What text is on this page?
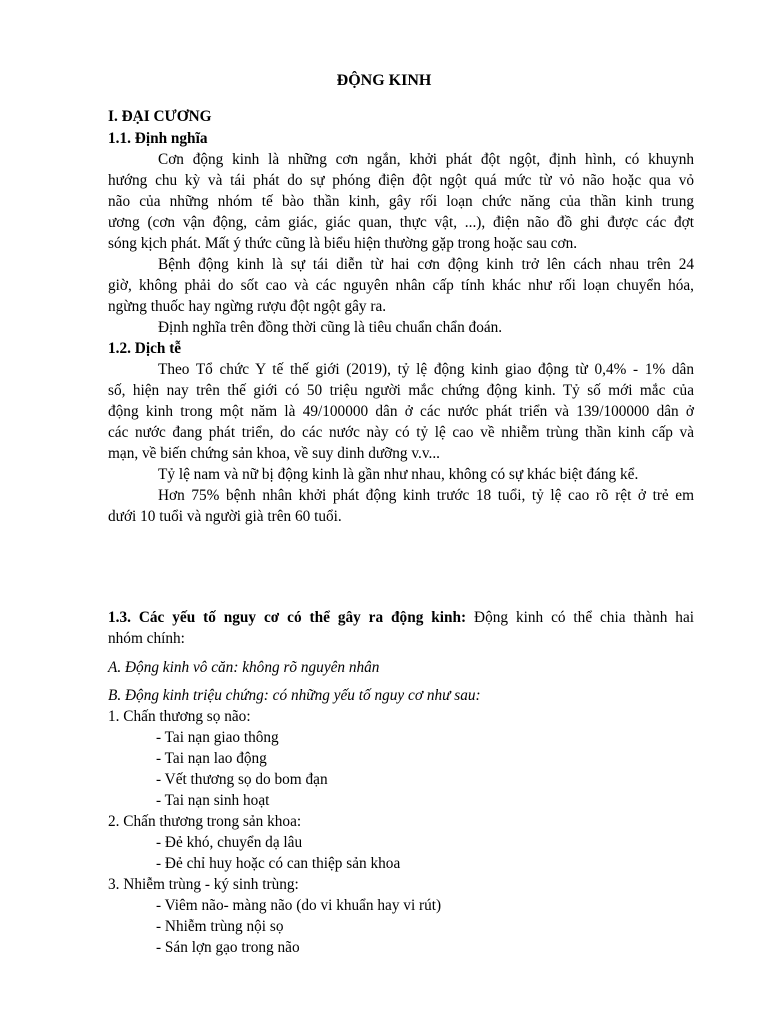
ĐỘNG KINH
I. ĐẠI CƯƠNG
1.1. Định nghĩa
Cơn động kinh là những cơn ngắn, khởi phát đột ngột, định hình, có khuynh
hướng chu kỳ và tái phát do sự phóng điện đột ngột quá mức từ vỏ não hoặc qua vỏ
não của những nhóm tế bào thần kinh, gây rối loạn chức năng của thần kinh trung
ương (cơn vận động, cảm giác, giác quan, thực vật, ...), điện não đồ ghi được các đợt
sóng kịch phát. Mất ý thức cũng là biểu hiện thường gặp trong hoặc sau cơn.
Bệnh động kinh là sự tái diễn từ hai cơn động kinh trở lên cách nhau trên 24
giờ, không phải do sốt cao và các nguyên nhân cấp tính khác như rối loạn chuyển hóa,
ngừng thuốc hay ngừng rượu đột ngột gây ra.
Định nghĩa trên đồng thời cũng là tiêu chuẩn chẩn đoán.
1.2. Dịch tễ
Theo Tổ chức Y tế thế giới (2019), tỷ lệ động kinh giao động từ 0,4% - 1% dân
số, hiện nay trên thế giới có 50 triệu người mắc chứng động kinh. Tỷ số mới mắc của
động kinh trong một năm là 49/100000 dân ở các nước phát triển và 139/100000 dân ở
các nước đang phát triển, do các nước này có tỷ lệ cao về nhiễm trùng thần kinh cấp và
mạn, về biến chứng sản khoa, về suy dinh dưỡng v.v...
Tỷ lệ nam và nữ bị động kinh là gần như nhau, không có sự khác biệt đáng kể.
Hơn 75% bệnh nhân khởi phát động kinh trước 18 tuổi, tỷ lệ cao rõ rệt ở trẻ em
dưới 10 tuổi và người già trên 60 tuổi.
1.3. Các yếu tố nguy cơ có thể gây ra động kinh: Động kinh có thể chia thành hai
nhóm chính:
A. Động kinh vô căn: không rõ nguyên nhân
B. Động kinh triệu chứng: có những yếu tố nguy cơ như sau:
1. Chấn thương sọ não:
- Tai nạn giao thông
- Tai nạn lao động
- Vết thương sọ do bom đạn
- Tai nạn sinh hoạt
2. Chấn thương trong sản khoa:
- Đẻ khó, chuyển dạ lâu
- Đẻ chỉ huy hoặc có can thiệp sản khoa
3. Nhiễm trùng - ký sinh trùng:
- Viêm não- màng não (do vi khuẩn hay vi rút)
- Nhiễm trùng nội sọ
- Sán lợn gạo trong não
